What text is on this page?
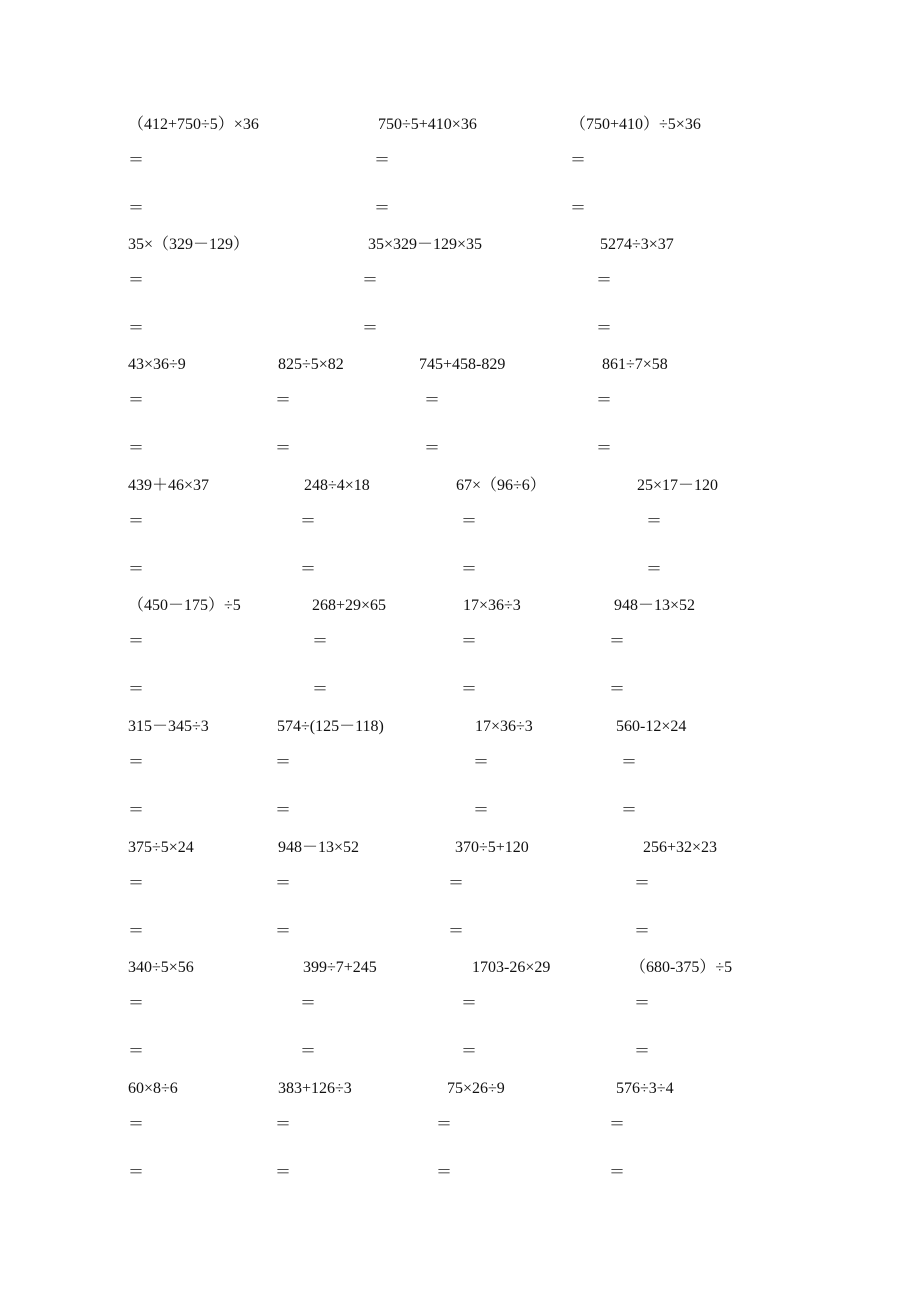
（412+750÷5）×36
＝
＝
750÷5+410×36
＝
＝
（750+410）÷5×36
＝
＝
35×（329－129）
＝
＝
35×329－129×35
＝
＝
5274÷3×37
＝
＝
43×36÷9
＝
＝
825÷5×82
＝
＝
745+458-829
＝
＝
861÷7×58
＝
＝
439＋46×37
＝
＝
248÷4×18
＝
＝
67×（96÷6）
＝
＝
25×17－120
＝
＝
（450－175）÷5
＝
＝
268+29×65
＝
＝
17×36÷3
＝
＝
948－13×52
＝
＝
315－345÷3
＝
＝
574÷(125－118)
＝
＝
17×36÷3
＝
＝
560-12×24
＝
＝
375÷5×24
＝
＝
948－13×52
＝
＝
370÷5+120
＝
＝
256+32×23
＝
＝
340÷5×56
＝
＝
399÷7+245
＝
＝
1703-26×29
＝
＝
（680-375）÷5
＝
＝
60×8÷6
＝
＝
383+126÷3
＝
＝
75×26÷9
＝
＝
576÷3÷4
＝
＝
